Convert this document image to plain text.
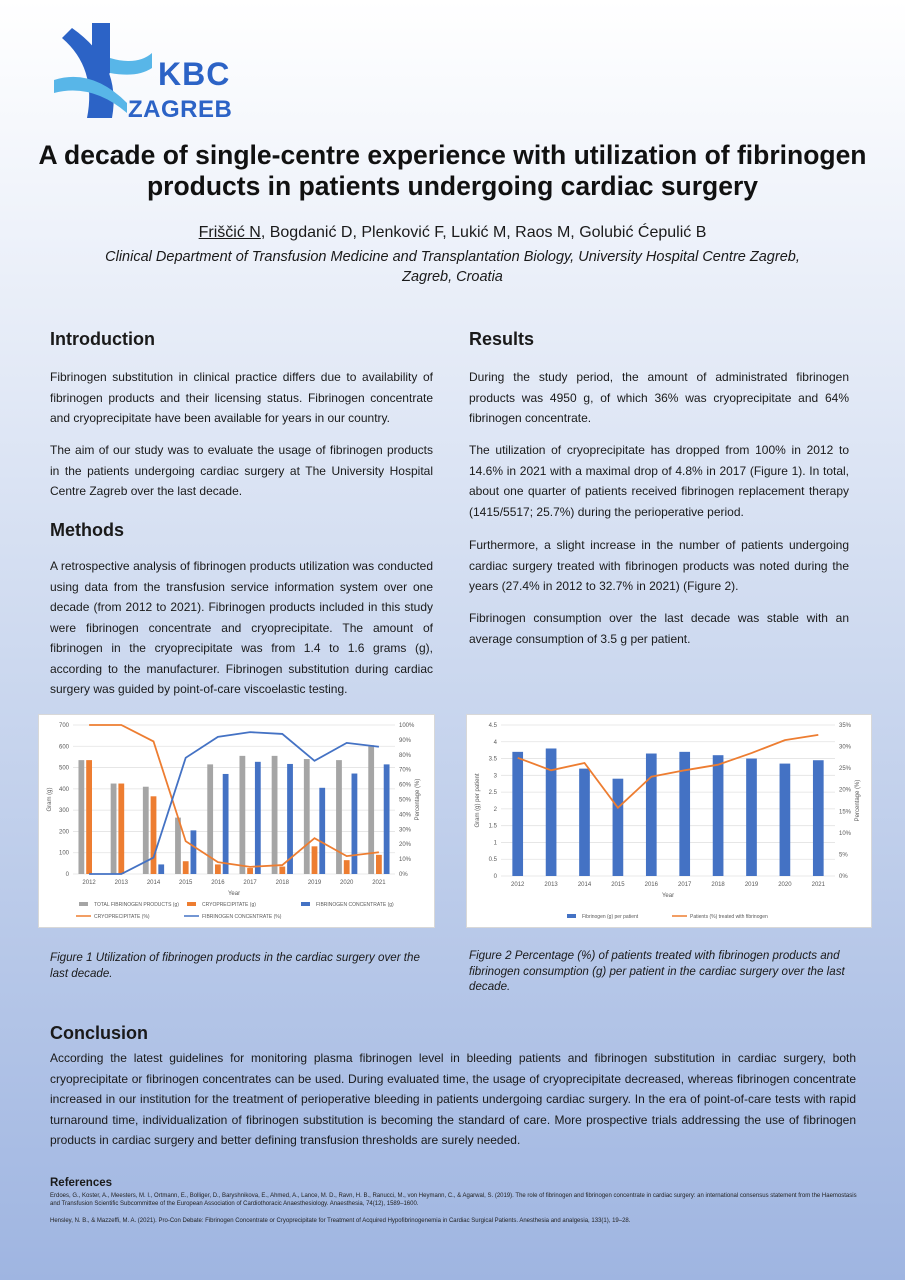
KBC
ZAGREB
A decade of single-centre experience with utilization of fibrinogen products in patients undergoing cardiac surgery
Friščić N, Bogdanić D, Plenković F, Lukić M, Raos M, Golubić Ćepulić B
Clinical Department of Transfusion Medicine and Transplantation Biology, University Hospital Centre Zagreb, Zagreb, Croatia
Introduction
Fibrinogen substitution in clinical practice differs due to availability of fibrinogen products and their licensing status. Fibrinogen concentrate and cryoprecipitate have been available for years in our country.
The aim of our study was to evaluate the usage of fibrinogen products in the patients undergoing cardiac surgery at The University Hospital Centre Zagreb over the last decade.
Methods
A retrospective analysis of fibrinogen products utilization was conducted using data from the transfusion service information system over one decade (from 2012 to 2021). Fibrinogen products included in this study were fibrinogen concentrate and cryoprecipitate. The amount of fibrinogen in the cryoprecipitate was from 1.4 to 1.6 grams (g), according to the manufacturer. Fibrinogen substitution during cardiac surgery was guided by point-of-care viscoelastic testing.
Results
During the study period, the amount of administrated fibrinogen products was 4950 g, of which 36% was cryoprecipitate and 64% fibrinogen concentrate.
The utilization of cryoprecipitate has dropped from 100% in 2012 to 14.6% in 2021 with a maximal drop of 4.8% in 2017 (Figure 1). In total, about one quarter of patients received fibrinogen replacement therapy (1415/5517; 25.7%) during the perioperative period.
Furthermore, a slight increase in the number of patients undergoing cardiac surgery treated with fibrinogen products was noted during the years (27.4% in 2012 to 32.7% in 2021) (Figure 2).
Fibrinogen consumption over the last decade was stable with an average consumption of 3.5 g per patient.
0
100
200
300
400
500
600
700
0%
10%
20%
30%
40%
50%
60%
70%
80%
90%
100%
Gram (g)	Percentage (%)
Year
2012	2013	2014	2015	2016	2017	2018	2019	2020	2021
TOTAL FIBRINOGEN PRODUCTS (g)	CRYOPRECIPITATE (g)	FIBRINOGEN CONCENTRATE (g)
CRYOPRECIPITATE (%)	FIBRINOGEN CONCENTRATE (%)
Figure 1 Utilization of fibrinogen products in the cardiac surgery over the last decade.
0
0.5
1
1.5
2
2.5
3
3.5
4
4.5
0%
5%
10%
15%
20%
25%
30%
35%
Gram (g) per patient	Percentage (%)
Year
2012	2013	2014	2015	2016	2017	2018	2019	2020	2021
Fibrinogen (g) per patient	Patients (%) treated with fibrinogen
Figure 2 Percentage (%) of patients treated with fibrinogen products and fibrinogen consumption (g) per patient in the cardiac surgery over the last decade.
Conclusion
According the latest guidelines for monitoring plasma fibrinogen level in bleeding patients and fibrinogen substitution in cardiac surgery, both cryoprecipitate or fibrinogen concentrates can be used. During evaluated time, the usage of cryoprecipitate decreased, whereas fibrinogen concentrate increased in our institution for the treatment of perioperative bleeding in patients undergoing cardiac surgery. In the era of point-of-care tests with rapid turnaround time, individualization of fibrinogen substitution is becoming the standard of care. More prospective trials addressing the use of fibrinogen products in cardiac surgery and better defining transfusion thresholds are surely needed.
References
Erdoes, G., Koster, A., Meesters, M. I., Ortmann, E., Bolliger, D., Baryshnikova, E., Ahmed, A., Lance, M. D., Ravn, H. B., Ranucci, M., von Heymann, C., & Agarwal, S. (2019). The role of fibrinogen and fibrinogen concentrate in cardiac surgery: an international consensus statement from the Haemostasis and Transfusion Scientific Subcommittee of the European Association of Cardiothoracic Anaesthesiology. Anaesthesia, 74(12), 1589–1600.
Hensley, N. B., & Mazzeffi, M. A. (2021). Pro-Con Debate: Fibrinogen Concentrate or Cryoprecipitate for Treatment of Acquired Hypofibrinogenemia in Cardiac Surgical Patients. Anesthesia and analgesia, 133(1), 19–28.
